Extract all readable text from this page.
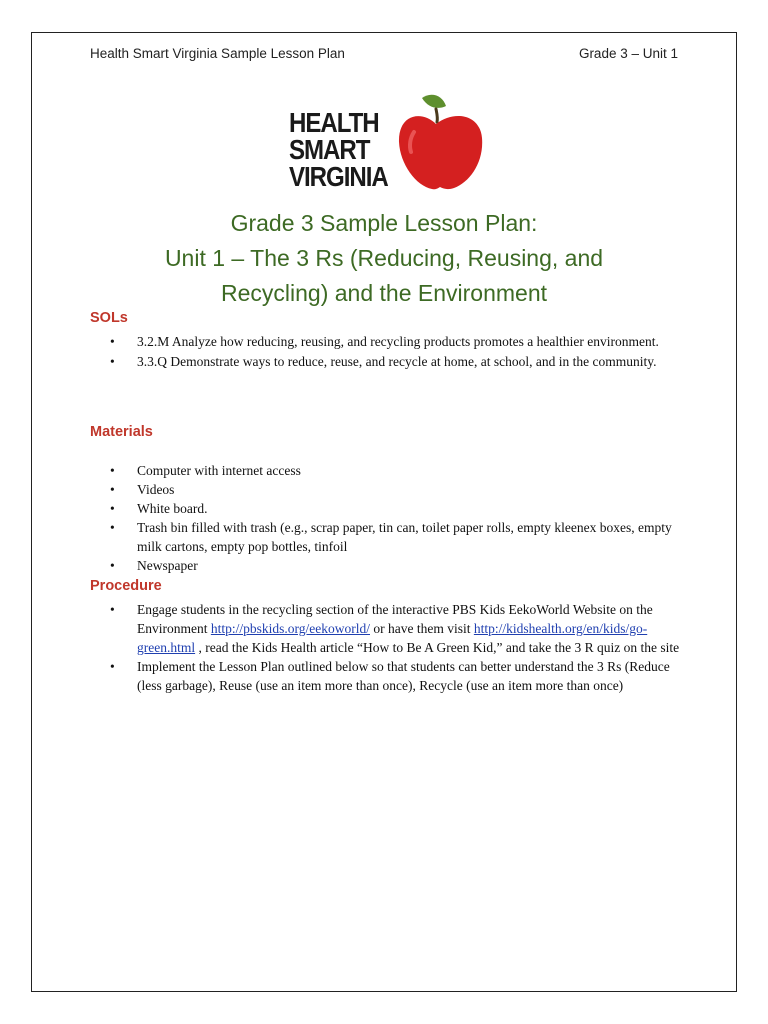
Health Smart Virginia Sample Lesson Plan	Grade 3 – Unit 1
HEALTH
SMART
VIRGINIA
Grade 3 Sample Lesson Plan:
Unit 1 – The 3 Rs (Reducing, Reusing, and
Recycling) and the Environment
SOLs
• 3.2.M Analyze how reducing, reusing, and recycling products promotes a healthier environment.
• 3.3.Q Demonstrate ways to reduce, reuse, and recycle at home, at school, and in the community.
Materials
• Computer with internet access
• Videos
• White board.
• Trash bin filled with trash (e.g., scrap paper, tin can, toilet paper rolls, empty kleenex boxes, empty milk cartons, empty pop bottles, tinfoil
• Newspaper
Procedure
• Engage students in the recycling section of the interactive PBS Kids EekoWorld Website on the Environment http://pbskids.org/eekoworld/ or have them visit http://kidshealth.org/en/kids/go-green.html , read the Kids Health article “How to Be A Green Kid,” and take the 3 R quiz on the site
• Implement the Lesson Plan outlined below so that students can better understand the 3 Rs (Reduce (less garbage), Reuse (use an item more than once), Recycle (use an item more than once)
